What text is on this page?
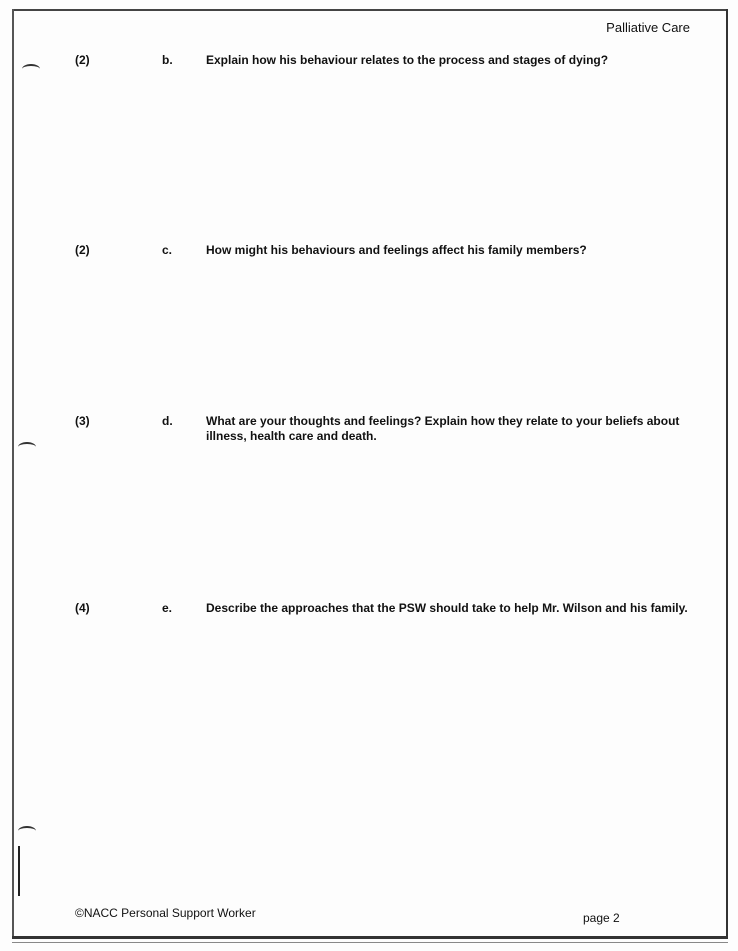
Palliative Care
(2)	b.	Explain how his behaviour relates to the process and stages of dying?
(2)	c.	How might his behaviours and feelings affect his family members?
(3)	d.	What are your thoughts and feelings? Explain how they relate to your beliefs about illness, health care and death.
(4)	e.	Describe the approaches that the PSW should take to help Mr. Wilson and his family.
©NACC Personal Support Worker	page 2
